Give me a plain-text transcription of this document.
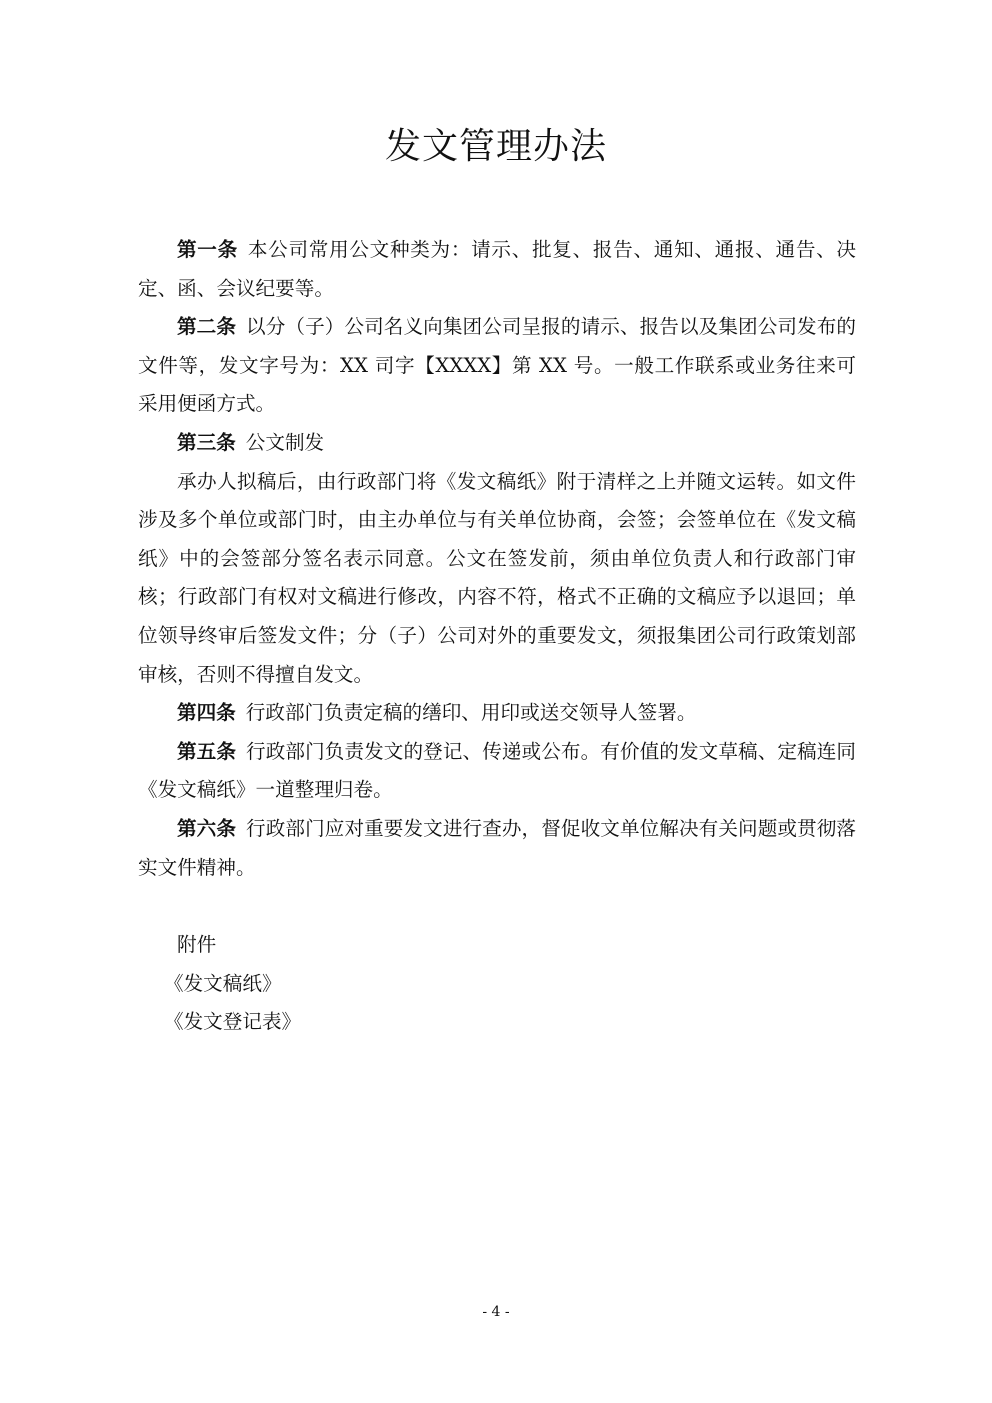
发文管理办法

第一条 本公司常用公文种类为：请示、批复、报告、通知、通报、通告、决定、函、会议纪要等。

第二条 以分（子）公司名义向集团公司呈报的请示、报告以及集团公司发布的文件等，发文字号为：XX 司字【XXXX】第 XX 号。一般工作联系或业务往来可采用便函方式。

第三条 公文制发

承办人拟稿后，由行政部门将《发文稿纸》附于清样之上并随文运转。如文件涉及多个单位或部门时，由主办单位与有关单位协商，会签；会签单位在《发文稿纸》中的会签部分签名表示同意。公文在签发前，须由单位负责人和行政部门审核；行政部门有权对文稿进行修改，内容不符，格式不正确的文稿应予以退回；单位领导终审后签发文件；分（子）公司对外的重要发文，须报集团公司行政策划部审核，否则不得擅自发文。

第四条 行政部门负责定稿的缮印、用印或送交领导人签署。

第五条 行政部门负责发文的登记、传递或公布。有价值的发文草稿、定稿连同《发文稿纸》一道整理归卷。

第六条 行政部门应对重要发文进行查办，督促收文单位解决有关问题或贯彻落实文件精神。

附件

《发文稿纸》

《发文登记表》

- 4 -
